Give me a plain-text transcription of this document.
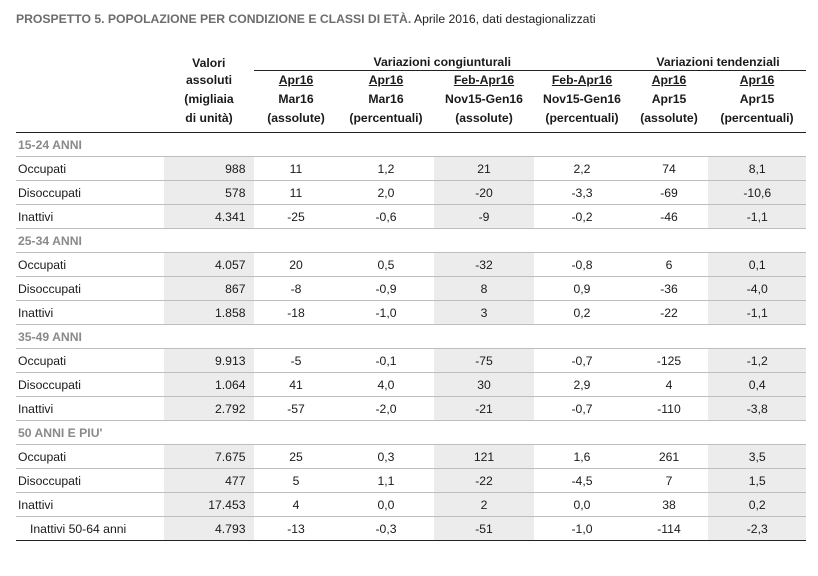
PROSPETTO 5. POPOLAZIONE PER CONDIZIONE E CLASSI DI ETÀ. Aprile 2016, dati destagionalizzati
	Valori	Variazioni congiunturali				Variazioni tendenziali	
	assoluti	Apr16	Apr16	Feb-Apr16	Feb-Apr16	Apr16	Apr16
	(migliaia	Mar16	Mar16	Nov15-Gen16	Nov15-Gen16	Apr15	Apr15
	di unità)	(assolute)	(percentuali)	(assolute)	(percentuali)	(assolute)	(percentuali)
15-24 ANNI							
Occupati	988	11	1,2	21	2,2	74	8,1
Disoccupati	578	11	2,0	-20	-3,3	-69	-10,6
Inattivi	4.341	-25	-0,6	-9	-0,2	-46	-1,1
25-34 ANNI							
Occupati	4.057	20	0,5	-32	-0,8	6	0,1
Disoccupati	867	-8	-0,9	8	0,9	-36	-4,0
Inattivi	1.858	-18	-1,0	3	0,2	-22	-1,1
35-49 ANNI							
Occupati	9.913	-5	-0,1	-75	-0,7	-125	-1,2
Disoccupati	1.064	41	4,0	30	2,9	4	0,4
Inattivi	2.792	-57	-2,0	-21	-0,7	-110	-3,8
50 ANNI E PIU'							
Occupati	7.675	25	0,3	121	1,6	261	3,5
Disoccupati	477	5	1,1	-22	-4,5	7	1,5
Inattivi	17.453	4	0,0	2	0,0	38	0,2
Inattivi 50-64 anni	4.793	-13	-0,3	-51	-1,0	-114	-2,3
